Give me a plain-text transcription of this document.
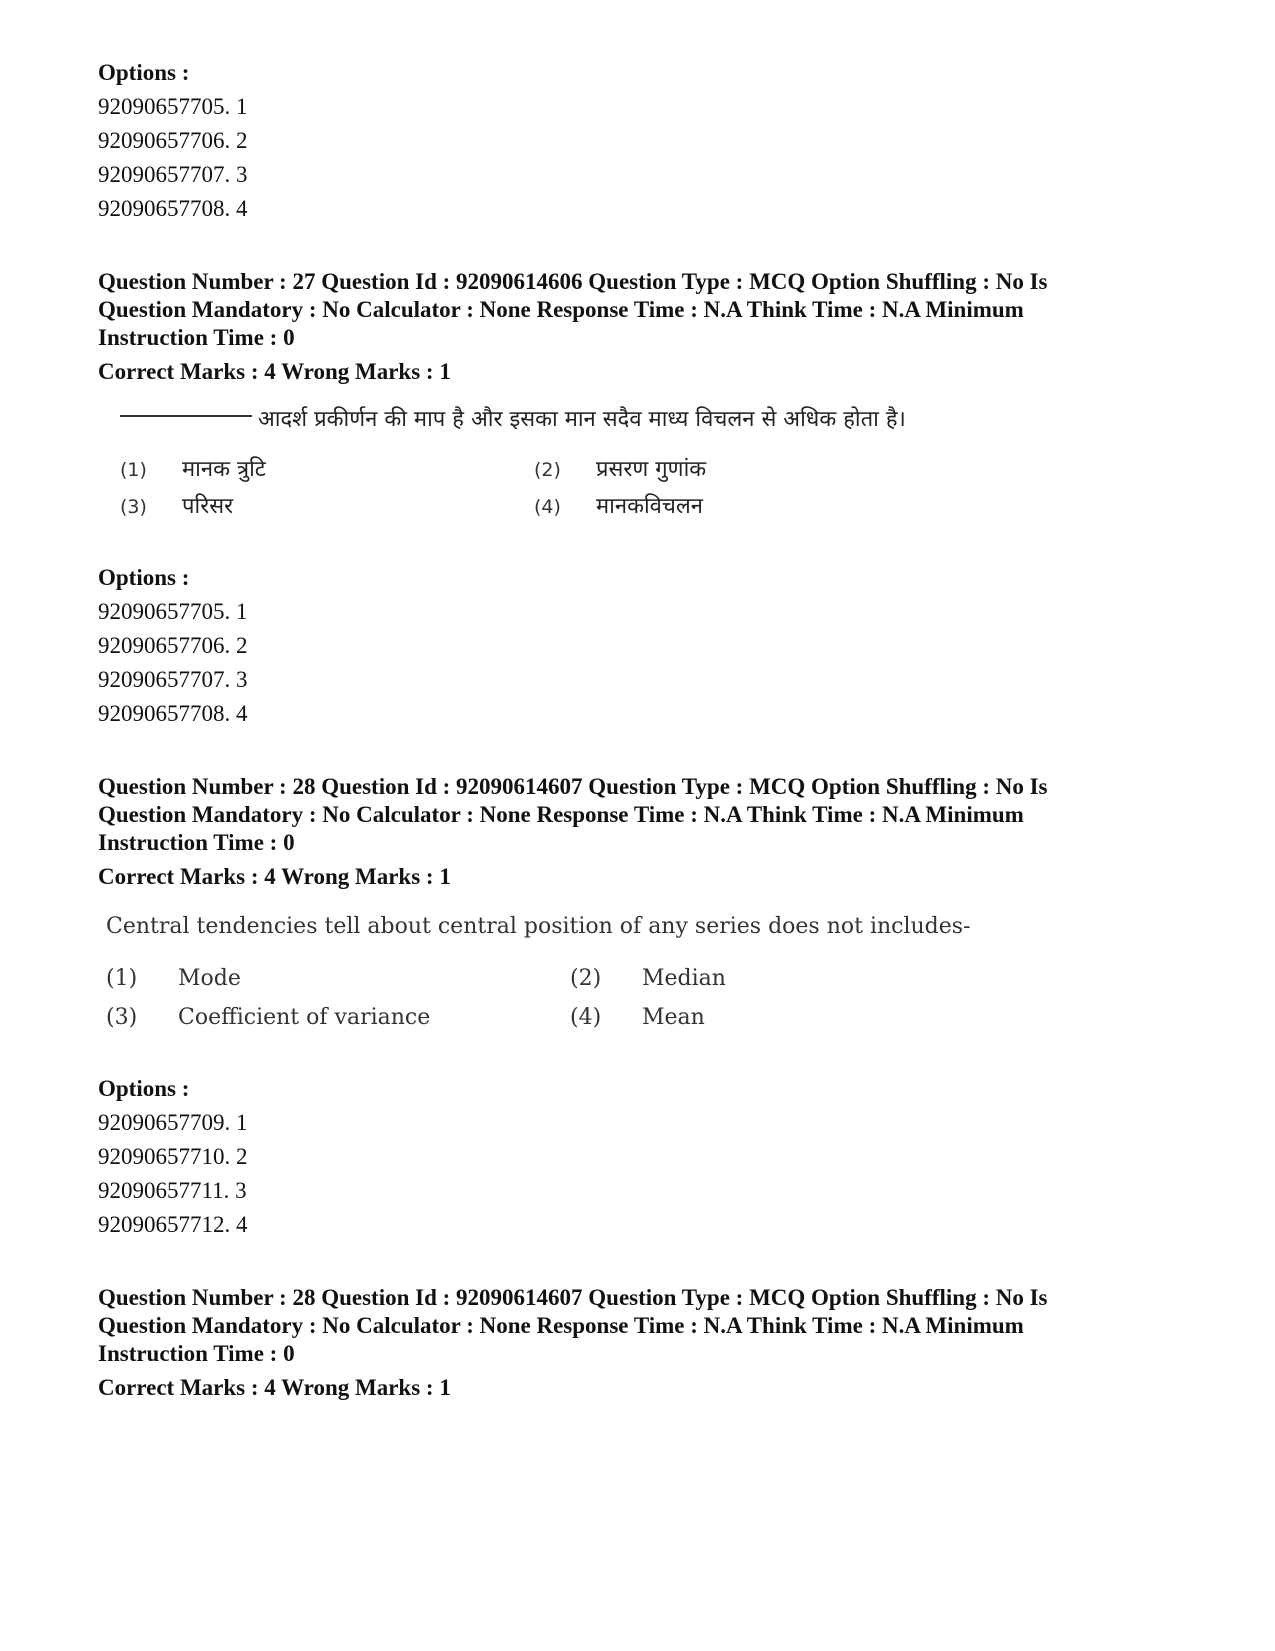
Options :
92090657705. 1
92090657706. 2
92090657707. 3
92090657708. 4
Question Number : 27 Question Id : 92090614606 Question Type : MCQ Option Shuffling : No Is
Question Mandatory : No Calculator : None Response Time : N.A Think Time : N.A Minimum
Instruction Time : 0
Correct Marks : 4 Wrong Marks : 1
आदर्श प्रकीर्णन की माप है और इसका मान सदैव माध्य विचलन से अधिक होता है।
(1) मानक त्रुटि	(2) प्रसरण गुणांक
(3) परिसर	(4) मानकविचलन
Options :
92090657705. 1
92090657706. 2
92090657707. 3
92090657708. 4
Question Number : 28 Question Id : 92090614607 Question Type : MCQ Option Shuffling : No Is
Question Mandatory : No Calculator : None Response Time : N.A Think Time : N.A Minimum
Instruction Time : 0
Correct Marks : 4 Wrong Marks : 1
Central tendencies tell about central position of any series does not includes-
(1) Mode	(2) Median
(3) Coefficient of variance	(4) Mean
Options :
92090657709. 1
92090657710. 2
92090657711. 3
92090657712. 4
Question Number : 28 Question Id : 92090614607 Question Type : MCQ Option Shuffling : No Is
Question Mandatory : No Calculator : None Response Time : N.A Think Time : N.A Minimum
Instruction Time : 0
Correct Marks : 4 Wrong Marks : 1
